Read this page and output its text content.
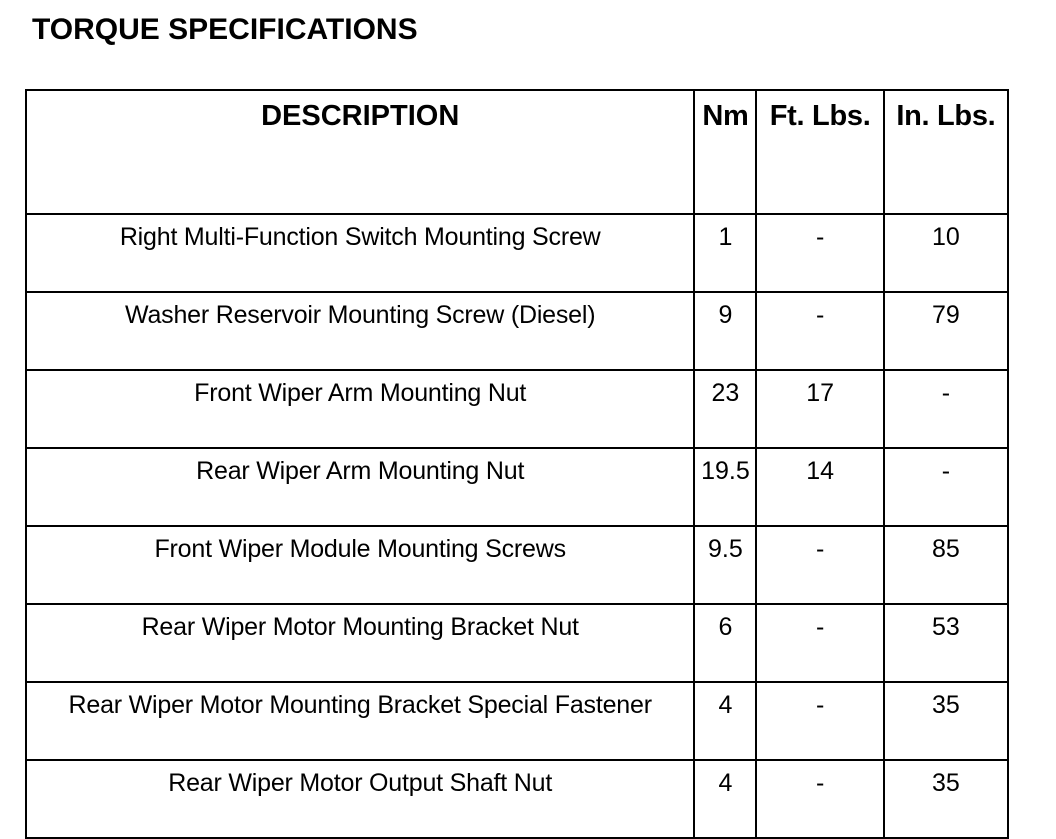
TORQUE SPECIFICATIONS
DESCRIPTION	Nm	Ft. Lbs.	In. Lbs.
Right Multi-Function Switch Mounting Screw	1	-	10
Washer Reservoir Mounting Screw (Diesel)	9	-	79
Front Wiper Arm Mounting Nut	23	17	-
Rear Wiper Arm Mounting Nut	19.5	14	-
Front Wiper Module Mounting Screws	9.5	-	85
Rear Wiper Motor Mounting Bracket Nut	6	-	53
Rear Wiper Motor Mounting Bracket Special Fastener	4	-	35
Rear Wiper Motor Output Shaft Nut	4	-	35
